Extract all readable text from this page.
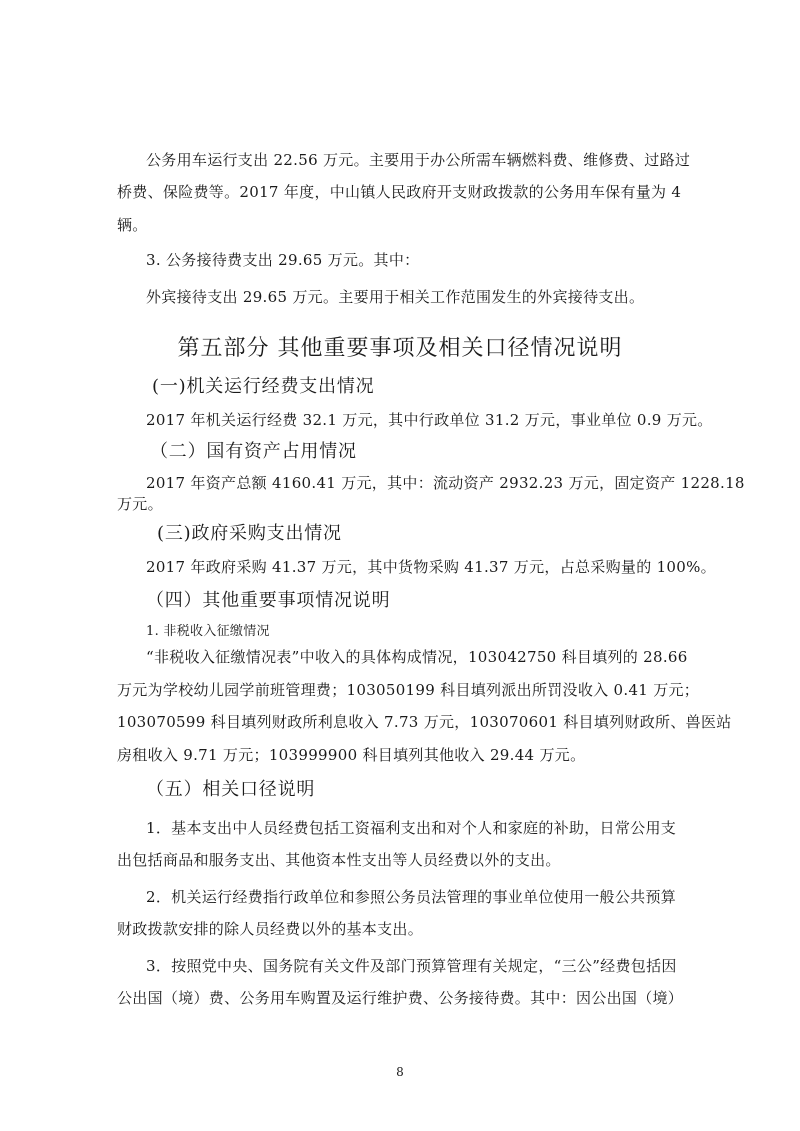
公务用车运行支出 22.56 万元。主要用于办公所需车辆燃料费、维修费、过路过
桥费、保险费等。2017 年度，中山镇人民政府开支财政拨款的公务用车保有量为 4
辆。
3. 公务接待费支出 29.65 万元。其中：
外宾接待支出 29.65 万元。主要用于相关工作范围发生的外宾接待支出。
第五部分 其他重要事项及相关口径情况说明
(一)机关运行经费支出情况
2017 年机关运行经费 32.1 万元，其中行政单位 31.2 万元，事业单位 0.9 万元。
（二）国有资产占用情况
2017 年资产总额 4160.41 万元，其中：流动资产 2932.23 万元，固定资产 1228.18
万元。
(三)政府采购支出情况
2017 年政府采购 41.37 万元，其中货物采购 41.37 万元，占总采购量的 100%。
（四）其他重要事项情况说明
1. 非税收入征缴情况
“非税收入征缴情况表”中收入的具体构成情况，103042750 科目填列的 28.66
万元为学校幼儿园学前班管理费；103050199 科目填列派出所罚没收入 0.41 万元；
103070599 科目填列财政所利息收入 7.73 万元，103070601 科目填列财政所、兽医站
房租收入 9.71 万元；103999900 科目填列其他收入 29.44 万元。
（五）相关口径说明
1．基本支出中人员经费包括工资福利支出和对个人和家庭的补助，日常公用支
出包括商品和服务支出、其他资本性支出等人员经费以外的支出。
2．机关运行经费指行政单位和参照公务员法管理的事业单位使用一般公共预算
财政拨款安排的除人员经费以外的基本支出。
3．按照党中央、国务院有关文件及部门预算管理有关规定，“三公”经费包括因
公出国（境）费、公务用车购置及运行维护费、公务接待费。其中：因公出国（境）
8
